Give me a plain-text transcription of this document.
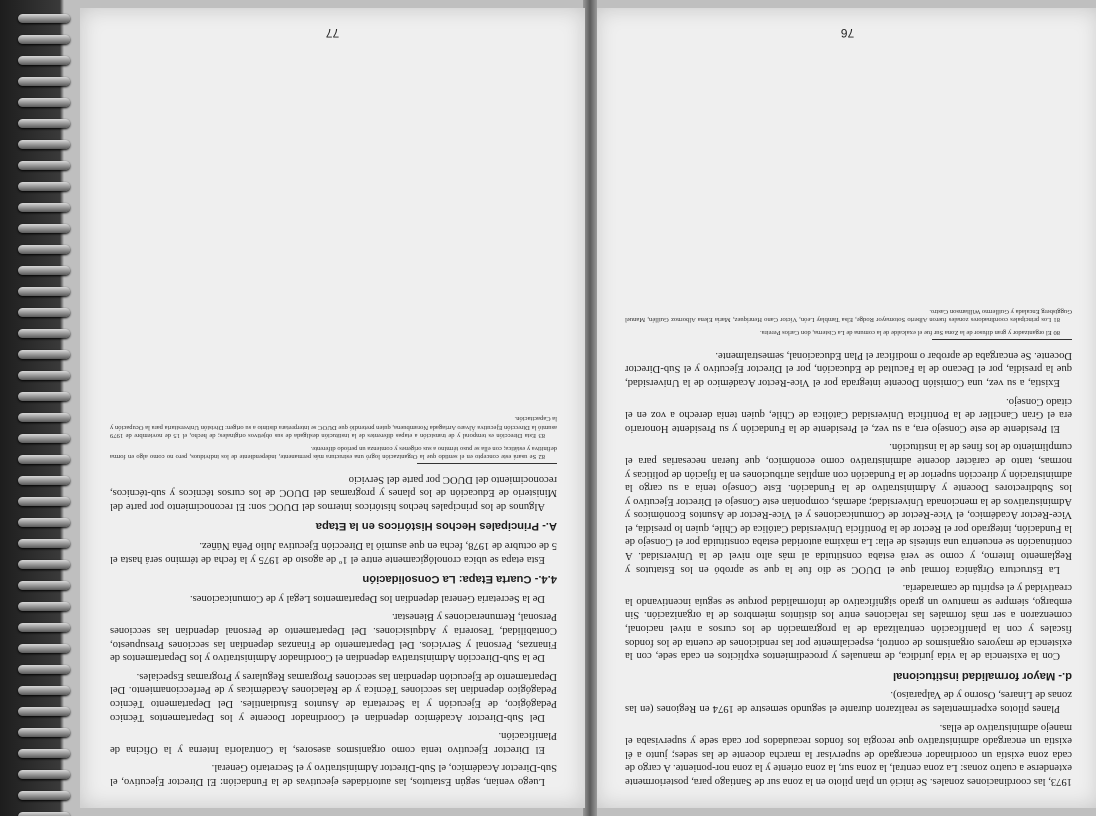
1973, las coordinaciones zonales. Se inició un plan piloto en la zona sur de Santiago para, posteriormente extenderse a cuatro zonas: La zona central, la zona sur, la zona oriente y la zona nor-poniente. A cargo de cada zona existía un coordinador encargado de supervisar la marcha docente de las sedes; junto a él existía un encargado administrativo que recogía los fondos recaudados por cada sede y supervisaba el manejo administrativo de ellas.

Planes pilotos experimentales se realizaron durante el segundo semestre de 1974 en Regiones (en las zonas de Linares, Osorno y de Valparaíso).

d.- Mayor formalidad institucional

Con la existencia de la vida jurídica, de manuales y procedimientos explícitos en cada sede, con la existencia de mayores organismos de control, especialmente por las rendiciones de cuenta de los fondos fiscales y con la planificación centralizada de la programación de los cursos a nivel nacional, comenzaron a ser más formales las relaciones entre los distintos miembros de la organización. Sin embargo, siempre se mantuvo un grado significativo de informalidad porque se seguía incentivando la creatividad y el espíritu de camaradería.

La Estructura Orgánica formal que el DUOC se dio fue la que se aprobó en los Estatutos y Reglamento Interno, y como se verá estaba constituida al más alto nivel de la Universidad. A continuación se encuentra una síntesis de ella: La máxima autoridad estaba constituida por el Consejo de la Fundación, integrado por el Rector de la Pontificia Universidad Católica de Chile, quien lo presidía, el Vice-Rector Académico, el Vice-Rector de Comunicaciones y el Vice-Rector de Asuntos Económicos y Administrativos de la mencionada Universidad; además, componían este Consejo el Director Ejecutivo y los Subdirectores Docente y Administrativo de la Fundación. Este Consejo tenía a su cargo la administración y dirección superior de la Fundación con amplias atribuciones en la fijación de políticas y normas, tanto de carácter docente administrativo como económico, que fueran necesarias para el cumplimiento de los fines de la institución.

El Presidente de este Consejo era, a su vez, el Presidente de la Fundación y su Presidente Honorario era el Gran Canciller de la Pontificia Universidad Católica de Chile, quien tenía derecho a voz en el citado Consejo.

Existía, a su vez, una Comisión Docente integrada por el Vice-Rector Académico de la Universidad, que la presidía, por el Decano de la Facultad de Educación, por el Director Ejecutivo y el Sub-Director Docente. Se encargaba de aprobar o modificar el Plan Educacional, semestralmente.

80 El organizador y gran difusor de la Zona Sur fue el exalcalde de la comuna de La Cisterna, don Carlos Pereira.

81 Los principales coordinadores zonales fueron Alberto Sotomayor Rodge, Elsa Tamblay León, Víctor Cano Henríquez, María Elena Albornoz Guillén, Manuel Guggisberg Encalada y Guillermo Williamson Castro.

76

Luego venían, según Estatutos, las autoridades ejecutivas de la Fundación: El Director Ejecutivo, el Sub-Director Académico, el Sub-Director Administrativo y el Secretario General.

El Director Ejecutivo tenía como organismos asesores, la Contraloría Interna y la Oficina de Planificación.

Del Sub-Director Académico dependían el Coordinador Docente y los Departamentos Técnico Pedagógico, de Ejecución y la Secretaría de Asuntos Estudiantiles. Del Departamento Técnico Pedagógico dependían las secciones Técnica y de Relaciones Académicas y de Perfeccionamiento. Del Departamento de Ejecución dependían las secciones Programas Regulares y Programas Especiales.

De la Sub-Dirección Administrativa dependían el Coordinador Administrativo y los Departamentos de Finanzas, Personal y Servicios. Del Departamento de Finanzas dependían las secciones Presupuesto, Contabilidad, Tesorería y Adquisiciones. Del Departamento de Personal dependían las secciones Personal, Remuneraciones y Bienestar.

De la Secretaría General dependían los Departamentos Legal y de Comunicaciones.

4.4.- Cuarta Etapa: La Consolidación

Esta etapa se ubica cronológicamente entre el 1º de agosto de 1975 y la fecha de término será hasta el 5 de octubre de 1978, fecha en que asumió la Dirección Ejecutiva Julio Peña Núñez.

A.- Principales Hechos Históricos en la Etapa

Algunos de los principales hechos históricos internos del DUOC son: El reconocimiento por parte del Ministerio de Educación de los planes y programas del DUOC de los cursos técnicos y sub-técnicos, reconocimiento del DUOC por parte del Servicio

82 Se usará este concepto en el sentido que la Organización logró una estructura más permanente, independiente de los individuos, pero no como algo en forma definitiva y estática; con ella se puso término a sus orígenes y comienza un período diferente.

83 Esta Dirección es temporal y de transición a etapas diferentes de la institución desligada de sus objetivos originales; de hecho, el 15 de noviembre de 1979 asumió la Dirección Ejecutiva Álvaro Arriagada Norambuena, quien pretendió que DUOC se interpretara distinto a su origen: División Universitaria para la Ocupación y la Capacitación.

77
